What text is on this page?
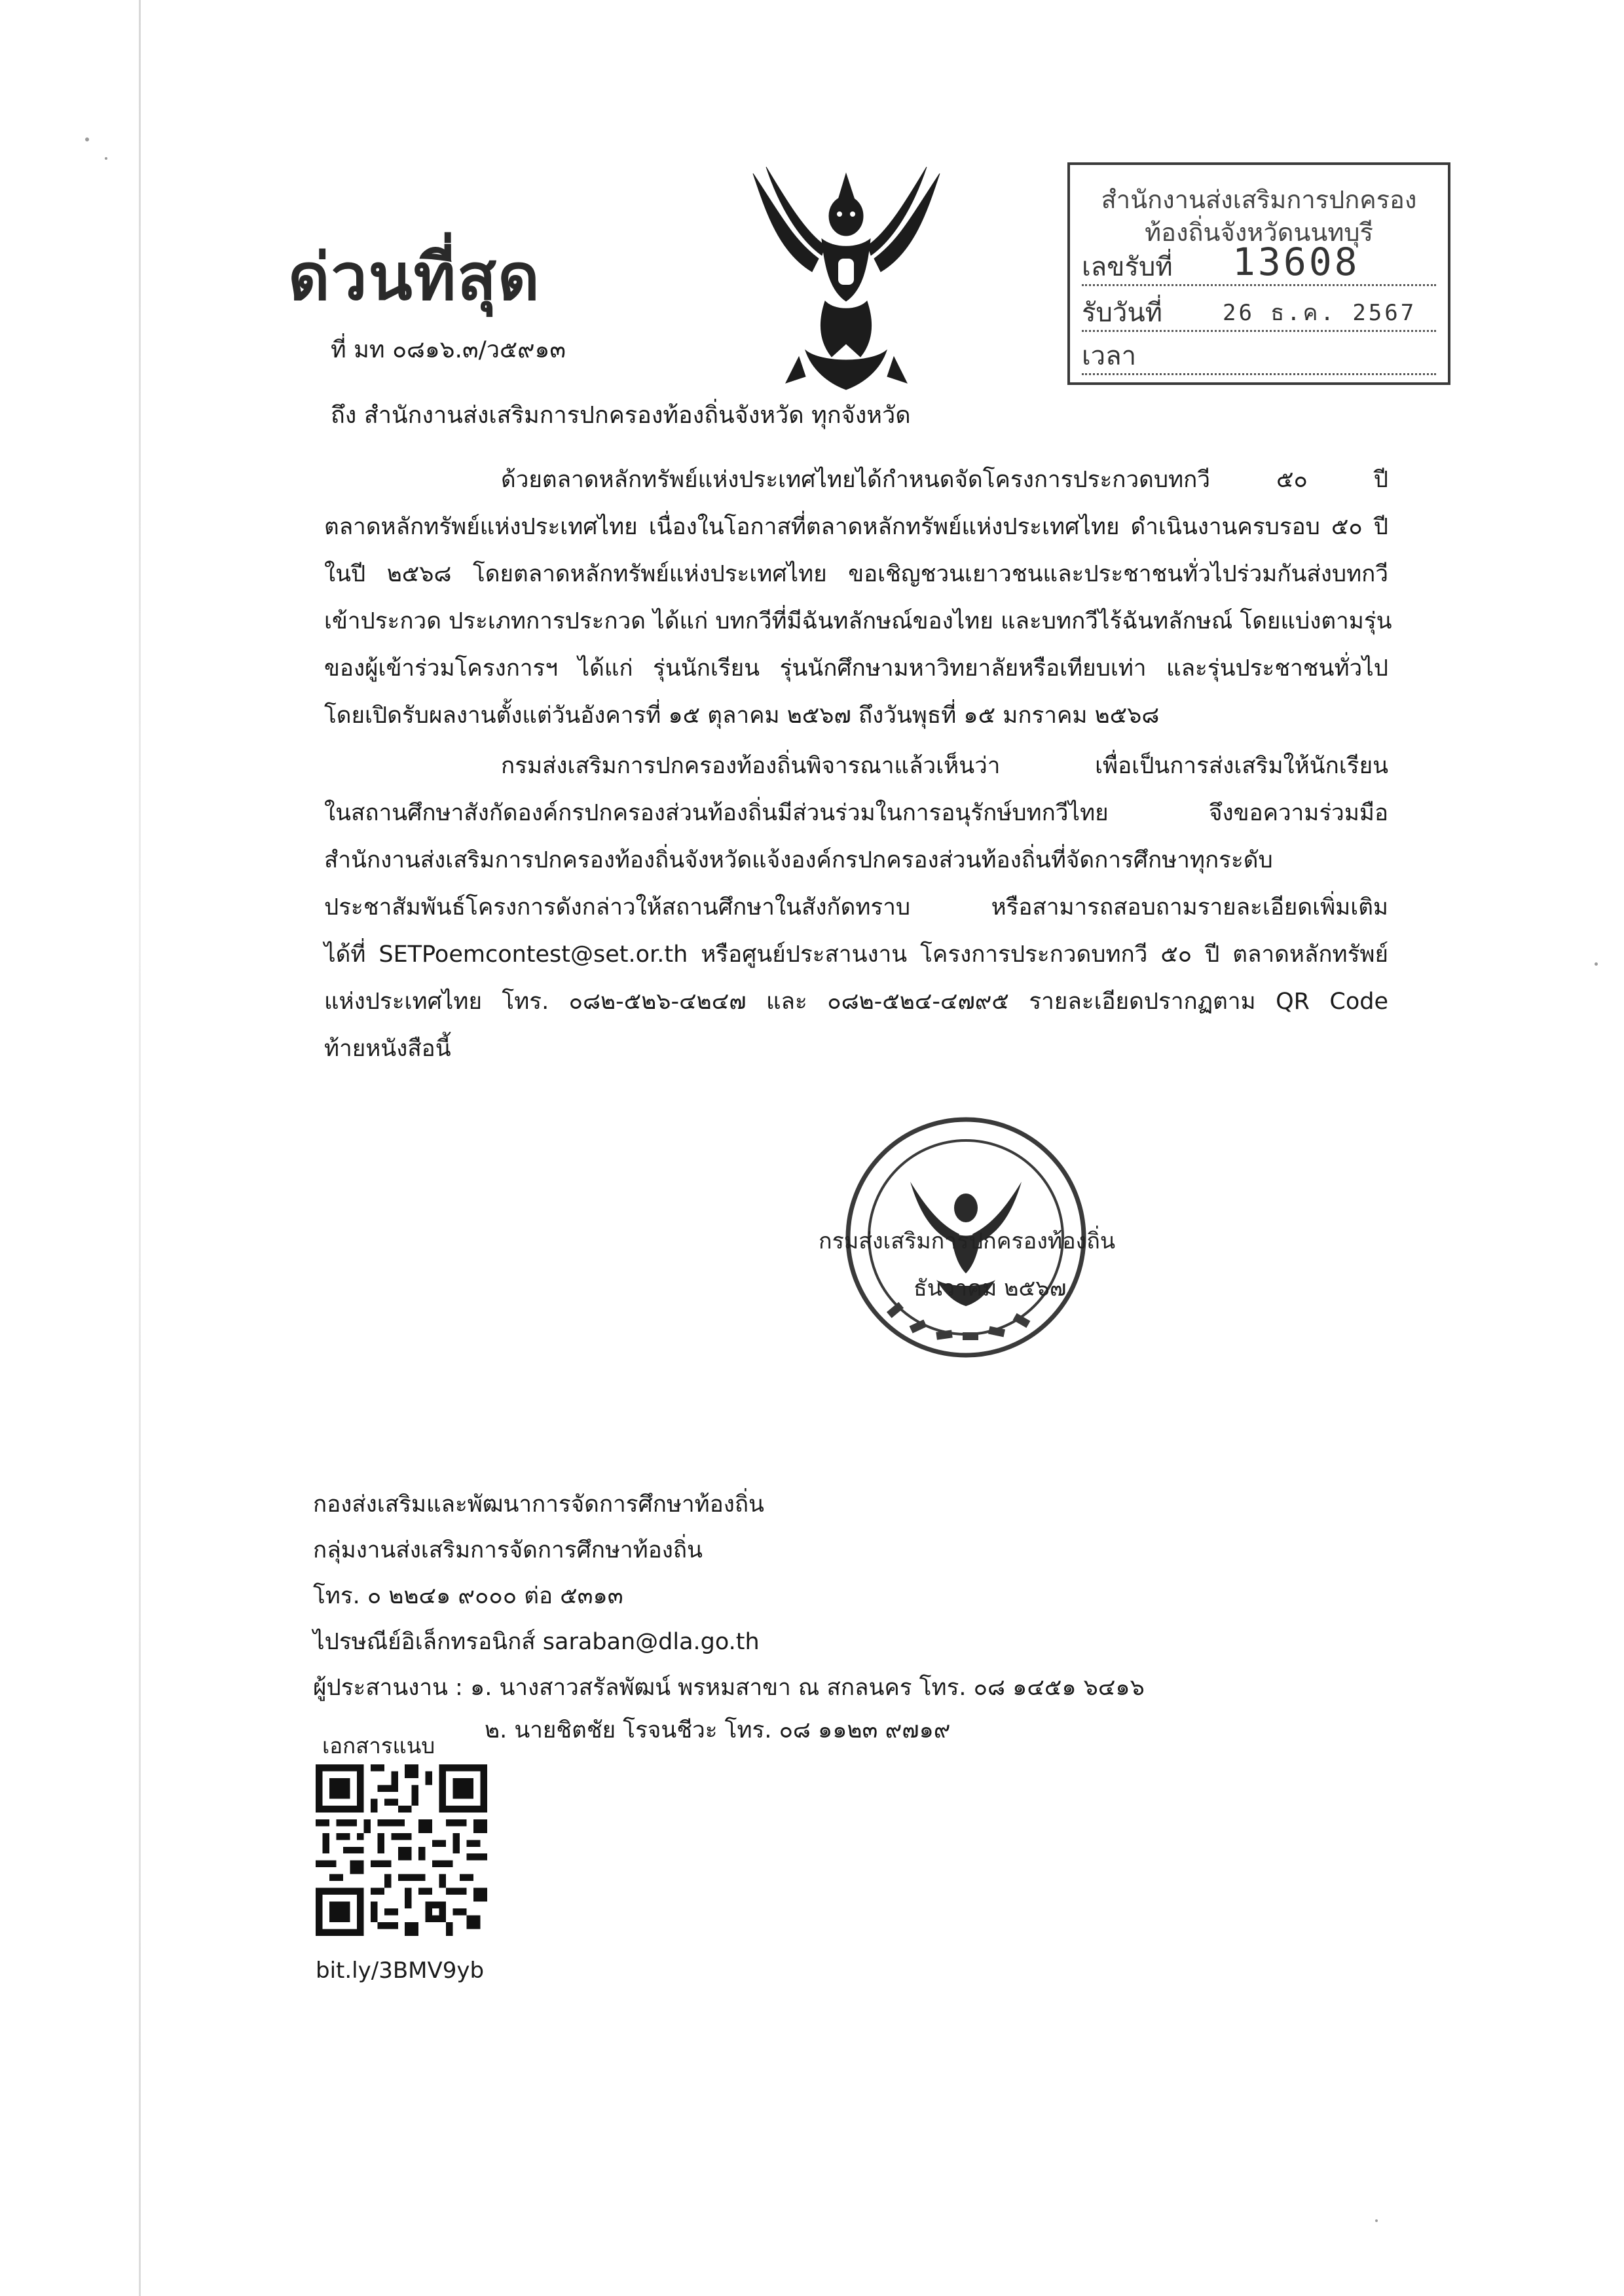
ด่วนที่สุด
สำนักงานส่งเสริมการปกครอง
ท้องถิ่นจังหวัดนนทบุรี
เลขรับที่ 13608
รับวันที่	26 ธ.ค. 2567
เวลา
ที่ มท ๐๘๑๖.๓/ว๕๙๑๓
ถึง สำนักงานส่งเสริมการปกครองท้องถิ่นจังหวัด ทุกจังหวัด
ด้วยตลาดหลักทรัพย์แห่งประเทศไทยได้กำหนดจัดโครงการประกวดบทกวี ๕๐ ปี
ตลาดหลักทรัพย์แห่งประเทศไทย เนื่องในโอกาสที่ตลาดหลักทรัพย์แห่งประเทศไทย ดำเนินงานครบรอบ ๕๐ ปี
ในปี ๒๕๖๘ โดยตลาดหลักทรัพย์แห่งประเทศไทย ขอเชิญชวนเยาวชนและประชาชนทั่วไปร่วมกันส่งบทกวี
เข้าประกวด ประเภทการประกวด ได้แก่ บทกวีที่มีฉันทลักษณ์ของไทย และบทกวีไร้ฉันทลักษณ์ โดยแบ่งตามรุ่น
ของผู้เข้าร่วมโครงการฯ ได้แก่ รุ่นนักเรียน รุ่นนักศึกษามหาวิทยาลัยหรือเทียบเท่า และรุ่นประชาชนทั่วไป
โดยเปิดรับผลงานตั้งแต่วันอังคารที่ ๑๕ ตุลาคม ๒๕๖๗ ถึงวันพุธที่ ๑๕ มกราคม ๒๕๖๘
กรมส่งเสริมการปกครองท้องถิ่นพิจารณาแล้วเห็นว่า เพื่อเป็นการส่งเสริมให้นักเรียน
ในสถานศึกษาสังกัดองค์กรปกครองส่วนท้องถิ่นมีส่วนร่วมในการอนุรักษ์บทกวีไทย จึงขอความร่วมมือ
สำนักงานส่งเสริมการปกครองท้องถิ่นจังหวัดแจ้งองค์กรปกครองส่วนท้องถิ่นที่จัดการศึกษาทุกระดับ
ประชาสัมพันธ์โครงการดังกล่าวให้สถานศึกษาในสังกัดทราบ หรือสามารถสอบถามรายละเอียดเพิ่มเติม
ได้ที่ SETPoemcontest@set.or.th หรือศูนย์ประสานงาน โครงการประกวดบทกวี ๕๐ ปี ตลาดหลักทรัพย์
แห่งประเทศไทย โทร. ๐๘๒-๕๒๖-๔๒๔๗ และ ๐๘๒-๕๒๔-๔๗๙๕ รายละเอียดปรากฏตาม QR Code
ท้ายหนังสือนี้
กรมส่งเสริมการปกครองท้องถิ่น
ธันวาคม ๒๕๖๗
กองส่งเสริมและพัฒนาการจัดการศึกษาท้องถิ่น
กลุ่มงานส่งเสริมการจัดการศึกษาท้องถิ่น
โทร. ๐ ๒๒๔๑ ๙๐๐๐ ต่อ ๕๓๑๓
ไปรษณีย์อิเล็กทรอนิกส์ saraban@dla.go.th
ผู้ประสานงาน : ๑. นางสาวสรัลพัฒน์ พรหมสาขา ณ สกลนคร โทร. ๐๘ ๑๔๕๑ ๖๔๑๖
๒. นายชิตชัย โรจนชีวะ โทร. ๐๘ ๑๑๒๓ ๙๗๑๙
เอกสารแนบ
bit.ly/3BMV9yb
